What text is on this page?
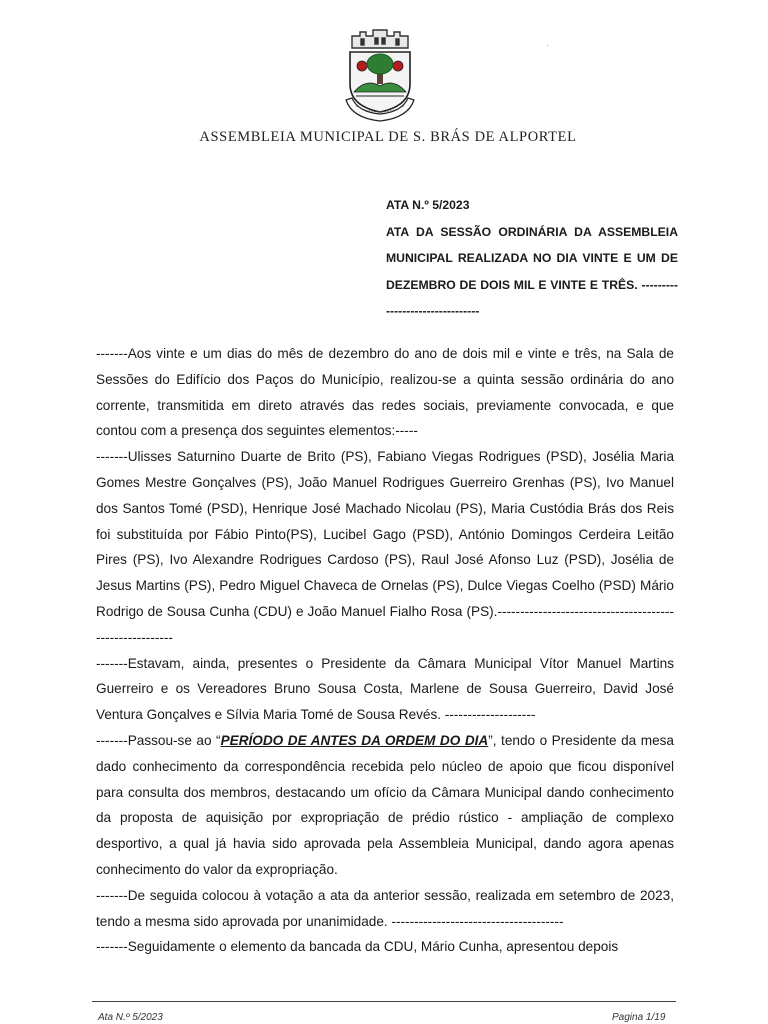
·
ASSEMBLEIA MUNICIPAL DE S. BRÁS DE ALPORTEL
ATA N.º 5/2023
ATA DA SESSÃO ORDINÁRIA DA ASSEMBLEIA MUNICIPAL REALIZADA NO DIA VINTE E UM DE DEZEMBRO DE DOIS MIL E VINTE E TRÊS. --------------------------------

-------Aos vinte e um dias do mês de dezembro do ano de dois mil e vinte e três, na Sala de Sessões do Edifício dos Paços do Município, realizou-se a quinta sessão ordinária do ano corrente, transmitida em direto através das redes sociais, previamente convocada, e que contou com a presença dos seguintes elementos:-----

-------Ulisses Saturnino Duarte de Brito (PS), Fabiano Viegas Rodrigues (PSD), Josélia Maria Gomes Mestre Gonçalves (PS), João Manuel Rodrigues Guerreiro Grenhas (PS), Ivo Manuel dos Santos Tomé (PSD), Henrique José Machado Nicolau (PS), Maria Custódia Brás dos Reis foi substituída por Fábio Pinto(PS), Lucibel Gago (PSD), António Domingos Cerdeira Leitão Pires (PS), Ivo Alexandre Rodrigues Cardoso (PS), Raul José Afonso Luz (PSD), Josélia de Jesus Martins (PS), Pedro Miguel Chaveca de Ornelas (PS), Dulce Viegas Coelho (PSD) Mário Rodrigo de Sousa Cunha (CDU) e João Manuel Fialho Rosa (PS).--------------------------------------------------------

-------Estavam, ainda, presentes o Presidente da Câmara Municipal Vítor Manuel Martins Guerreiro e os Vereadores Bruno Sousa Costa, Marlene de Sousa Guerreiro, David José Ventura Gonçalves e Sílvia Maria Tomé de Sousa Revés. --------------------

-------Passou-se ao “PERÍODO DE ANTES DA ORDEM DO DIA”, tendo o Presidente da mesa dado conhecimento da correspondência recebida pelo núcleo de apoio que ficou disponível para consulta dos membros, destacando um ofício da Câmara Municipal dando conhecimento da proposta de aquisição por expropriação de prédio rústico - ampliação de complexo desportivo, a qual já havia sido aprovada pela Assembleia Municipal, dando agora apenas conhecimento do valor da expropriação.

-------De seguida colocou à votação a ata da anterior sessão, realizada em setembro de 2023, tendo a mesma sido aprovada por unanimidade. --------------------------------------

-------Seguidamente o elemento da bancada da CDU, Mário Cunha, apresentou depois

Ata N.º 5/2023	Pagina 1/19
